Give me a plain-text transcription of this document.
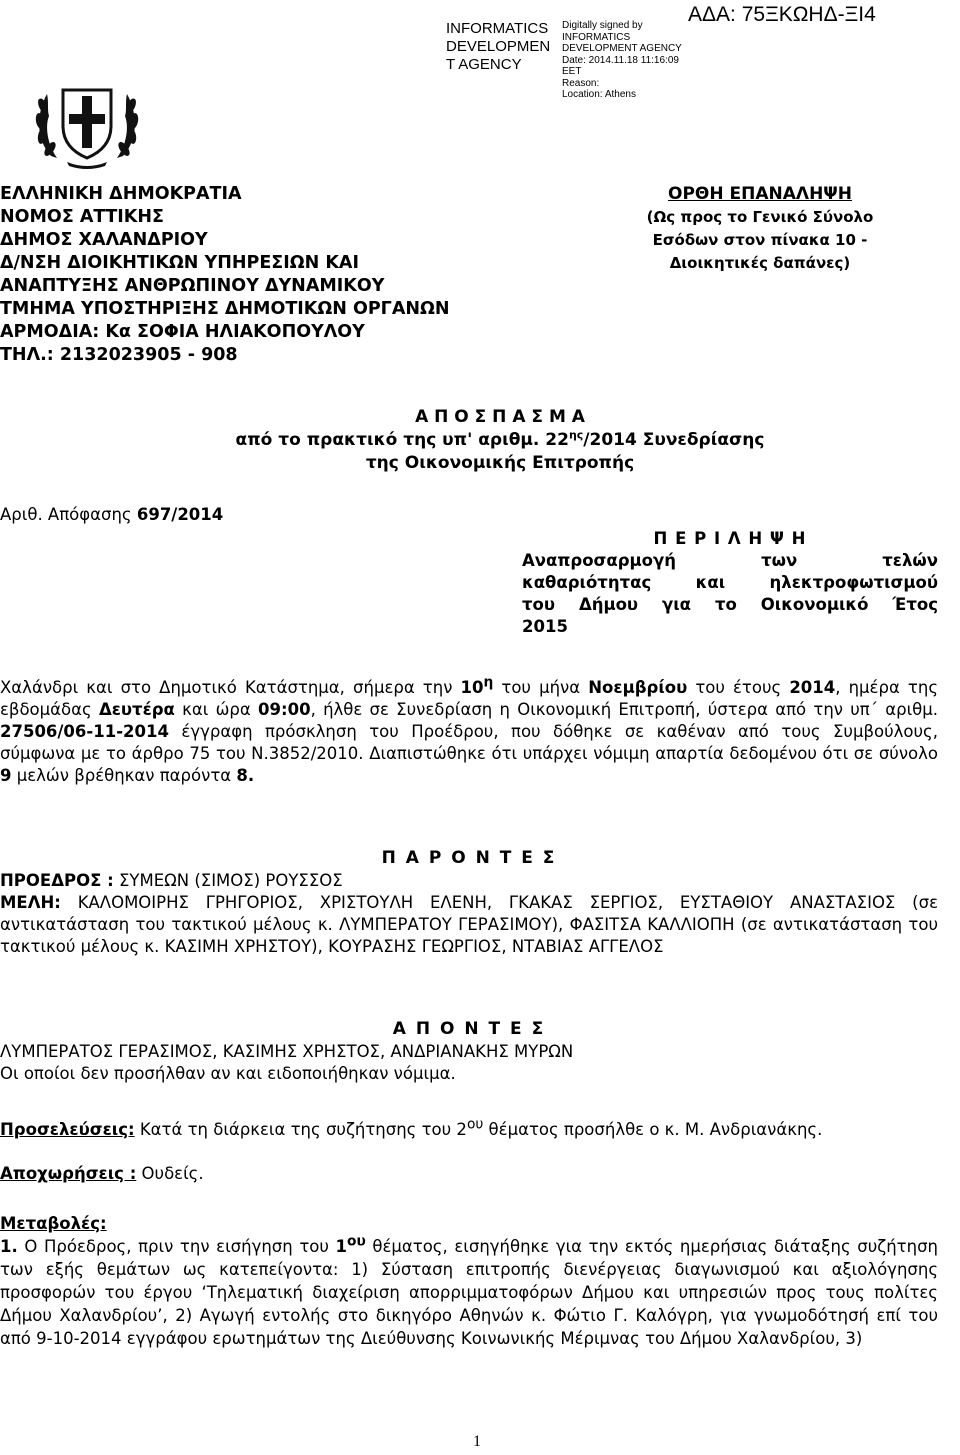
ΑΔΑ: 75ΞΚΩΗΔ-ΞΙ4
INFORMATICS
DEVELOPMEN
T AGENCY
Digitally signed by
INFORMATICS
DEVELOPMENT AGENCY
Date: 2014.11.18 11:16:09
EET
Reason:
Location: Athens
ΕΛΛΗΝΙΚΗ ΔΗΜΟΚΡΑΤΙΑ
ΝΟΜΟΣ ΑΤΤΙΚΗΣ
ΔΗΜΟΣ ΧΑΛΑΝΔΡΙΟΥ
Δ/ΝΣΗ ΔΙΟΙΚΗΤΙΚΩΝ ΥΠΗΡΕΣΙΩΝ ΚΑΙ
ΑΝΑΠΤΥΞΗΣ ΑΝΘΡΩΠΙΝΟΥ ΔΥΝΑΜΙΚΟΥ
ΤΜΗΜΑ ΥΠΟΣΤΗΡΙΞΗΣ ΔΗΜΟΤΙΚΩΝ ΟΡΓΑΝΩΝ
ΑΡΜΟΔΙΑ: Κα ΣΟΦΙΑ ΗΛΙΑΚΟΠΟΥΛΟΥ
ΤΗΛ.: 2132023905 - 908
ΟΡΘΗ ΕΠΑΝΑΛΗΨΗ
(Ως προς το Γενικό Σύνολο
Εσόδων στον πίνακα 10 -
Διοικητικές δαπάνες)
Α Π Ο Σ Π Α Σ Μ Α
από το πρακτικό της υπ' αριθμ. $22^{\eta\varsigma}/2014$ Συνεδρίασης
της Οικονομικής Επιτροπής
Αριθ. Απόφασης 697/2014
Π Ε Ρ Ι Λ Η Ψ Η
Αναπροσαρμογή των τελών
καθαριότητας και ηλεκτροφωτισμού
του Δήμου για το Οικονομικό Έτος
2015
Χαλάνδρι και στο Δημοτικό Κατάστημα, σήμερα την $10^\eta$ του μήνα Νοεμβρίου του έτους 2014, ημέρα της εβδομάδας Δευτέρα και ώρα 09:00, ήλθε σε Συνεδρίαση η Οικονομική Επιτροπή, ύστερα από την υπ΄ αριθμ. 27506/06-11-2014 έγγραφη πρόσκληση του Προέδρου, που δόθηκε σε καθέναν από τους Συμβούλους, σύμφωνα με το άρθρο 75 του Ν.3852/2010. Διαπιστώθηκε ότι υπάρχει νόμιμη απαρτία δεδομένου ότι σε σύνολο 9 μελών βρέθηκαν παρόντα 8.
Π Α Ρ Ο Ν Τ Ε Σ
ΠΡΟΕΔΡΟΣ : ΣΥΜΕΩΝ (ΣΙΜΟΣ) ΡΟΥΣΣΟΣ
ΜΕΛΗ: ΚΑΛΟΜΟΙΡΗΣ ΓΡΗΓΟΡΙΟΣ, ΧΡΙΣΤΟΥΛΗ ΕΛΕΝΗ, ΓΚΑΚΑΣ ΣΕΡΓΙΟΣ, ΕΥΣΤΑΘΙΟΥ ΑΝΑΣΤΑΣΙΟΣ (σε αντικατάσταση του τακτικού μέλους κ. ΛΥΜΠΕΡΑΤΟΥ ΓΕΡΑΣΙΜΟΥ), ΦΑΣΙΤΣΑ ΚΑΛΛΙΟΠΗ (σε αντικατάσταση του τακτικού μέλους κ. ΚΑΣΙΜΗ ΧΡΗΣΤΟΥ), ΚΟΥΡΑΣΗΣ ΓΕΩΡΓΙΟΣ, ΝΤΑΒΙΑΣ ΑΓΓΕΛΟΣ
Α Π Ο Ν Τ Ε Σ
ΛΥΜΠΕΡΑΤΟΣ ΓΕΡΑΣΙΜΟΣ, ΚΑΣΙΜΗΣ ΧΡΗΣΤΟΣ, ΑΝΔΡΙΑΝΑΚΗΣ ΜΥΡΩΝ
Οι οποίοι δεν προσήλθαν αν και ειδοποιήθηκαν νόμιμα.
Προσελεύσεις: Κατά τη διάρκεια της συζήτησης του $2^{o\upsilon}$ θέματος προσήλθε ο κ. Μ. Ανδριανάκης.
Αποχωρήσεις : Ουδείς.
Μεταβολές:
1. Ο Πρόεδρος, πριν την εισήγηση του $1^{o\upsilon}$ θέματος, εισηγήθηκε για την εκτός ημερήσιας διάταξης συζήτηση των εξής θεμάτων ως κατεπείγοντα: 1) Σύσταση επιτροπής διενέργειας διαγωνισμού και αξιολόγησης προσφορών του έργου ‘Τηλεματική διαχείριση απορριμματοφόρων Δήμου και υπηρεσιών προς τους πολίτες Δήμου Χαλανδρίου’, 2) Αγωγή εντολής στο δικηγόρο Αθηνών κ. Φώτιο Γ. Καλόγρη, για γνωμοδότησή επί του από 9-10-2014 εγγράφου ερωτημάτων της Διεύθυνσης Κοινωνικής Μέριμνας του Δήμου Χαλανδρίου, 3)
1
